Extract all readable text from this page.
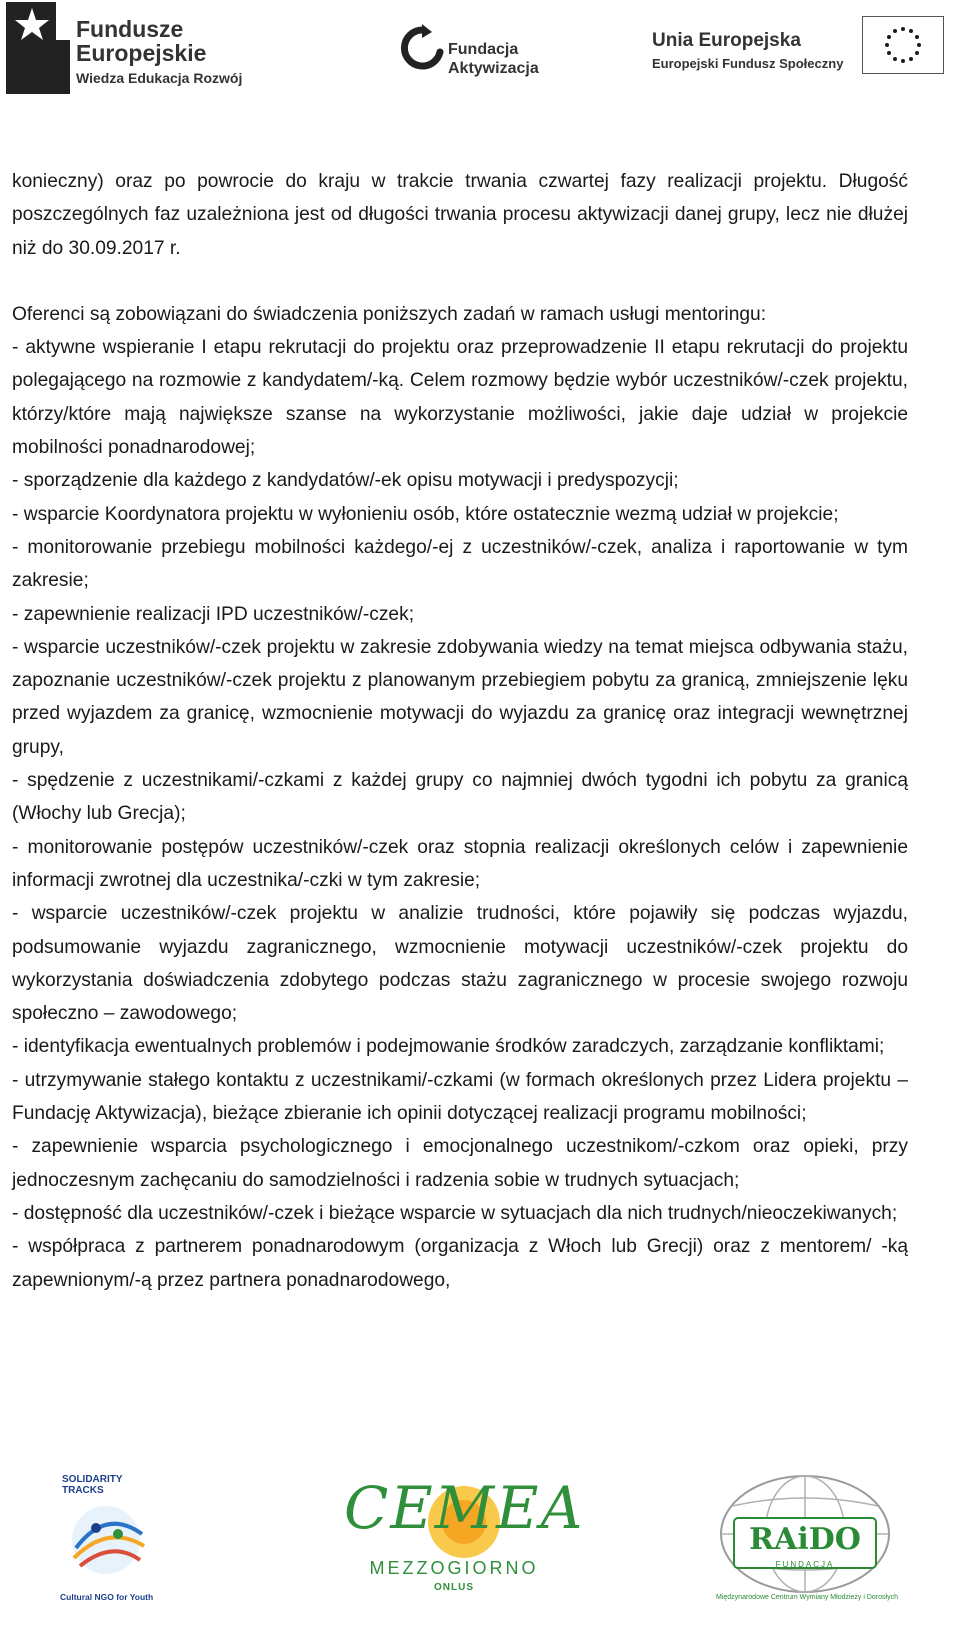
Fundusze
Europejskie
Wiedza Edukacja Rozwój
Fundacja
Aktywizacja
Unia Europejska
Europejski Fundusz Społeczny

konieczny) oraz po powrocie do kraju w trakcie trwania czwartej fazy realizacji projektu. Długość poszczególnych faz uzależniona jest od długości trwania procesu aktywizacji danej grupy, lecz nie dłużej niż do 30.09.2017 r.

Oferenci są zobowiązani do świadczenia poniższych zadań w ramach usługi mentoringu:

- aktywne wspieranie I etapu rekrutacji do projektu oraz przeprowadzenie II etapu rekrutacji do projektu polegającego na rozmowie z kandydatem/-ką. Celem rozmowy będzie wybór uczestników/-czek projektu, którzy/które mają największe szanse na wykorzystanie możliwości, jakie daje udział w projekcie mobilności ponadnarodowej;

- sporządzenie dla każdego z kandydatów/-ek opisu motywacji i predyspozycji;

- wsparcie Koordynatora projektu w wyłonieniu osób, które ostatecznie wezmą udział w projekcie;

- monitorowanie przebiegu mobilności każdego/-ej z uczestników/-czek, analiza i raportowanie w tym zakresie;

- zapewnienie realizacji IPD uczestników/-czek;

- wsparcie uczestników/-czek projektu w zakresie zdobywania wiedzy na temat miejsca odbywania stażu, zapoznanie uczestników/-czek projektu z planowanym przebiegiem pobytu za granicą, zmniejszenie lęku przed wyjazdem za granicę, wzmocnienie motywacji do wyjazdu za granicę oraz integracji wewnętrznej grupy,

- spędzenie z uczestnikami/-czkami z każdej grupy co najmniej dwóch tygodni ich pobytu za granicą (Włochy lub Grecja);

- monitorowanie postępów uczestników/-czek oraz stopnia realizacji określonych celów i zapewnienie informacji zwrotnej dla uczestnika/-czki w tym zakresie;

- wsparcie uczestników/-czek projektu w analizie trudności, które pojawiły się podczas wyjazdu, podsumowanie wyjazdu zagranicznego, wzmocnienie motywacji uczestników/-czek projektu do wykorzystania doświadczenia zdobytego podczas stażu zagranicznego w procesie swojego rozwoju społeczno – zawodowego;

- identyfikacja ewentualnych problemów i podejmowanie środków zaradczych, zarządzanie konfliktami;

- utrzymywanie stałego kontaktu z uczestnikami/-czkami (w formach określonych przez Lidera projektu – Fundację Aktywizacja), bieżące zbieranie ich opinii dotyczącej realizacji programu mobilności;

- zapewnienie wsparcia psychologicznego i emocjonalnego uczestnikom/-czkom oraz opieki, przy jednoczesnym zachęcaniu do samodzielności i radzenia sobie w trudnych sytuacjach;

- dostępność dla uczestników/-czek i bieżące wsparcie w sytuacjach dla nich trudnych/nieoczekiwanych;

- współpraca z partnerem ponadnarodowym (organizacja z Włoch lub Grecji) oraz z mentorem/ -ką zapewnionym/-ą przez partnera ponadnarodowego,

SOLIDARITY TRACKS
Cultural NGO for Youth
CEMEA
MEZZOGIORNO
ONLUS
RAiDO
FUNDACJA
Międzynarodowe Centrum Wymiany Młodzieży i Dorosłych
